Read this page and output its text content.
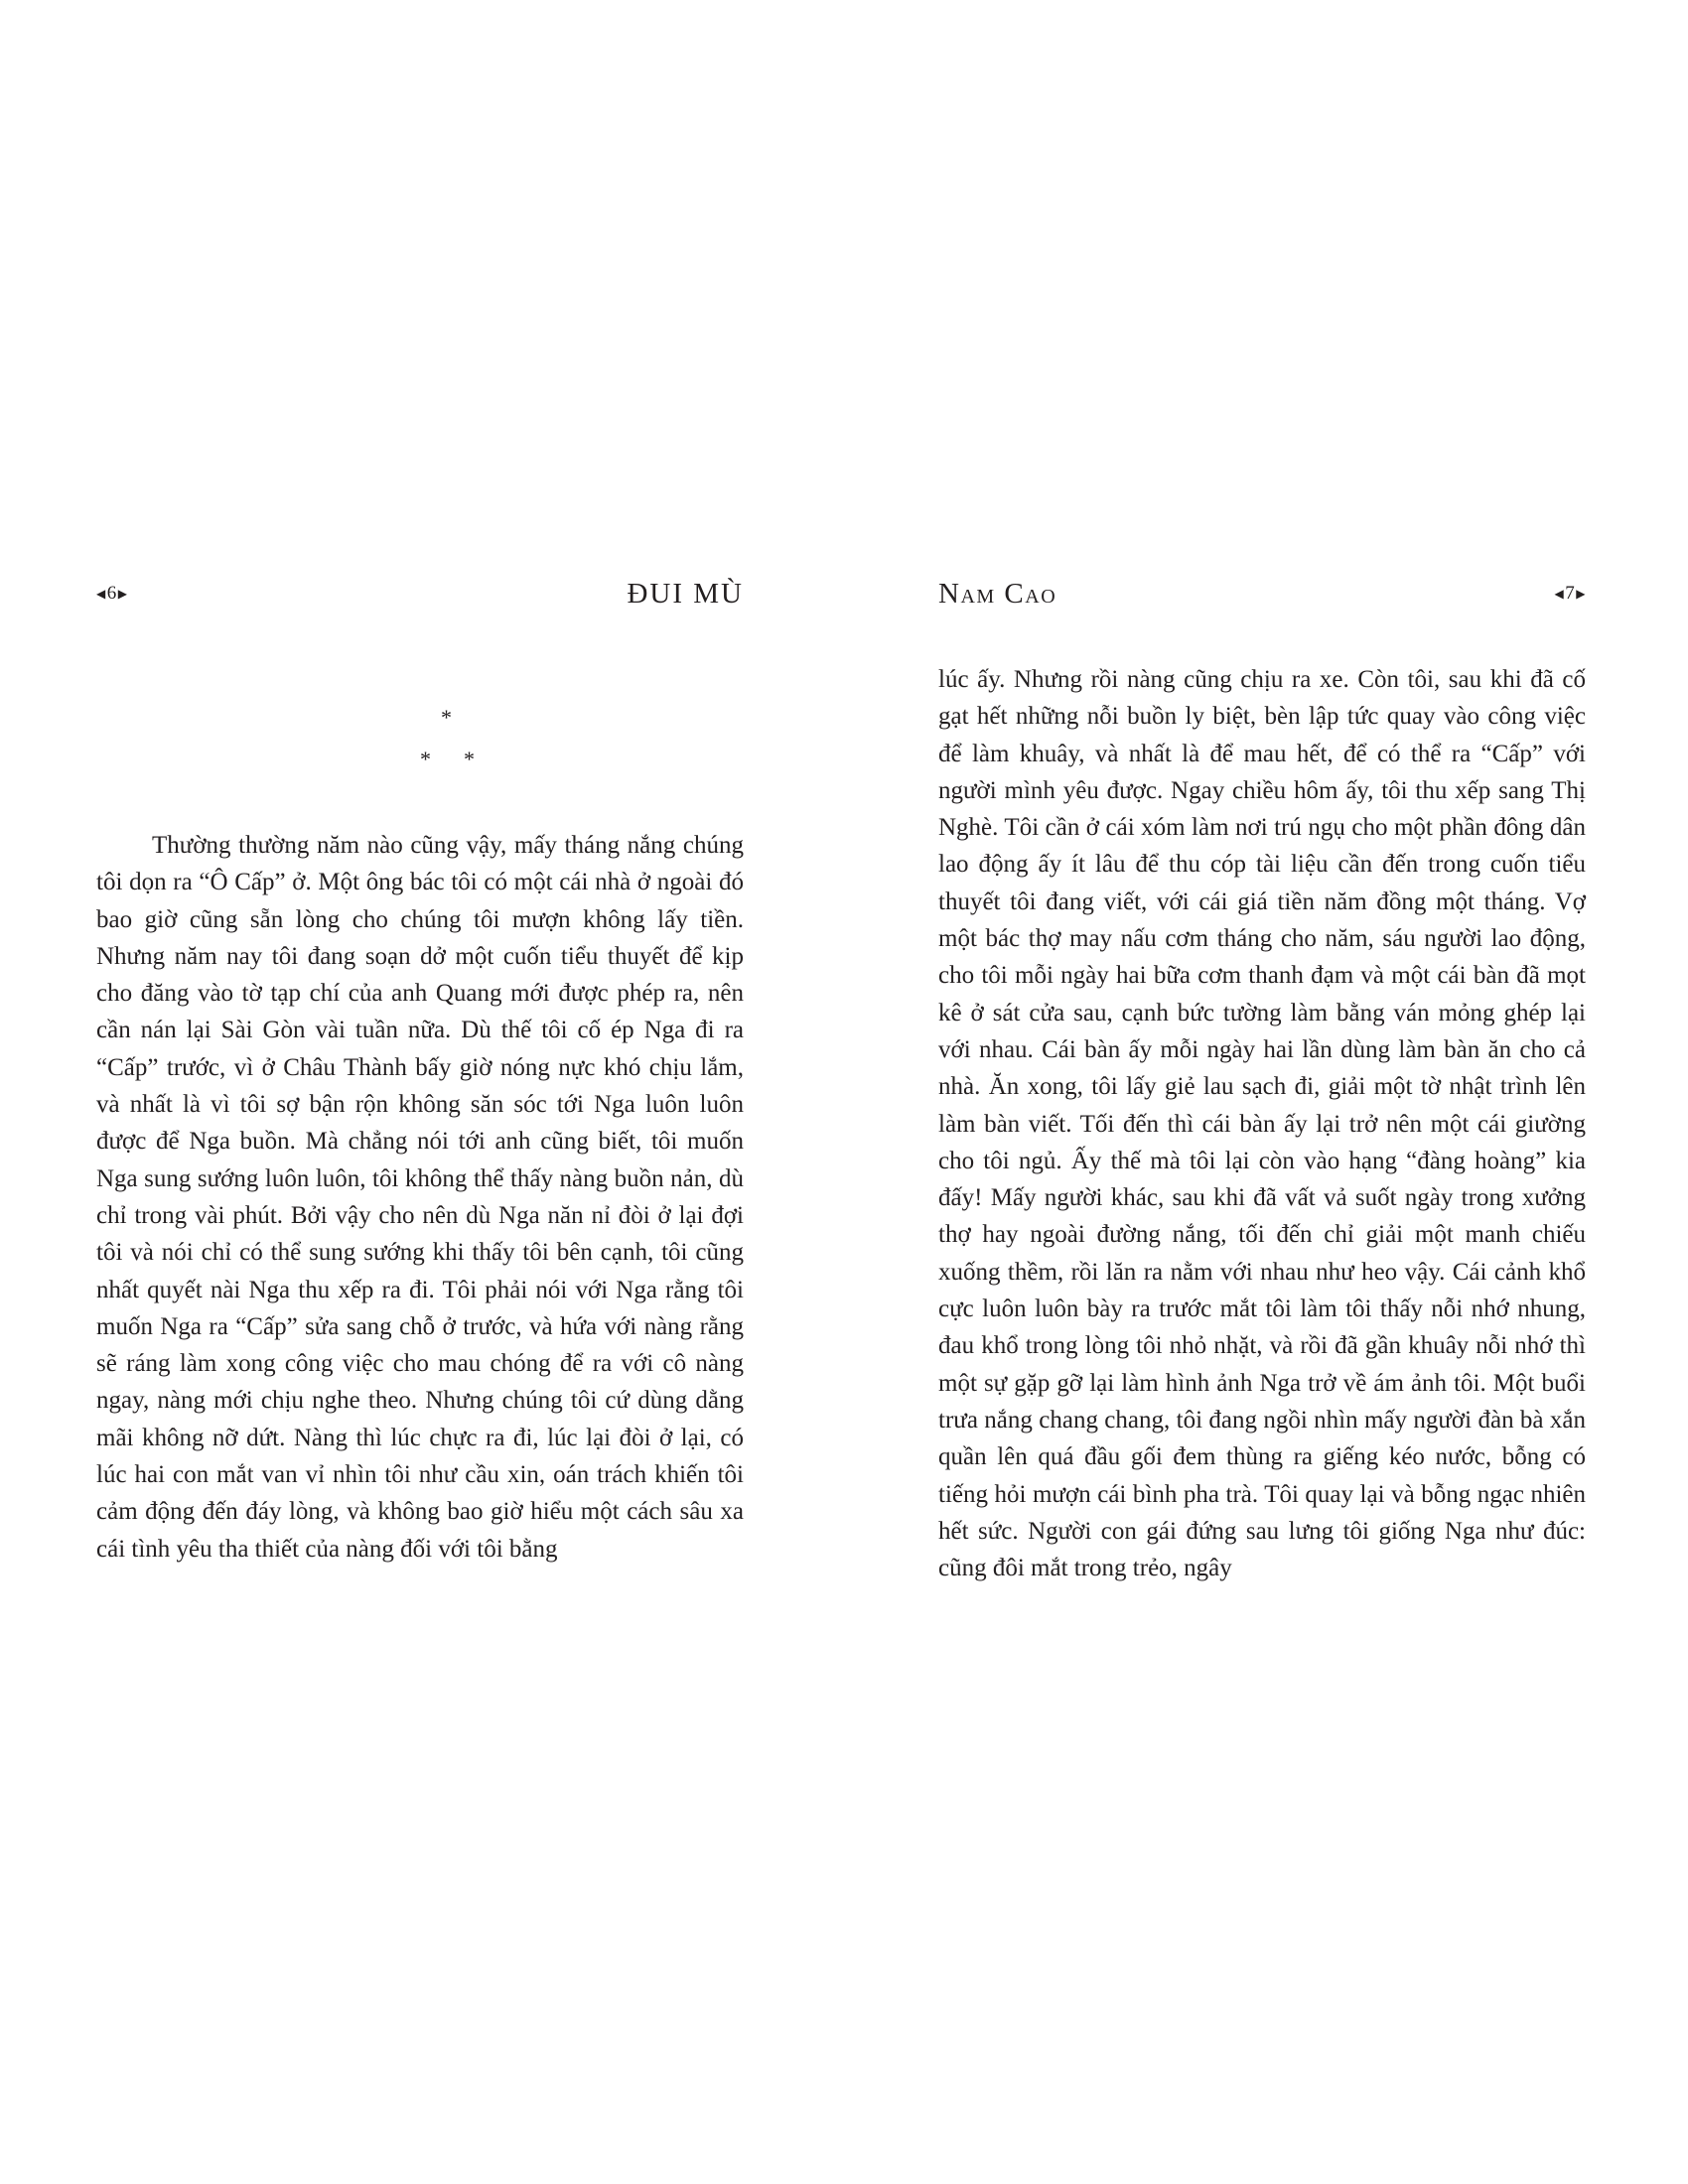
◀ 6 ▶	ĐUI MÙ
*
* *

Thường thường năm nào cũng vậy, mấy tháng nắng chúng tôi dọn ra “Ô Cấp” ở. Một ông bác tôi có một cái nhà ở ngoài đó bao giờ cũng sẵn lòng cho chúng tôi mượn không lấy tiền. Nhưng năm nay tôi đang soạn dở một cuốn tiểu thuyết để kịp cho đăng vào tờ tạp chí của anh Quang mới được phép ra, nên cần nán lại Sài Gòn vài tuần nữa. Dù thế tôi cố ép Nga đi ra “Cấp” trước, vì ở Châu Thành bấy giờ nóng nực khó chịu lắm, và nhất là vì tôi sợ bận rộn không săn sóc tới Nga luôn luôn được để Nga buồn. Mà chẳng nói tới anh cũng biết, tôi muốn Nga sung sướng luôn luôn, tôi không thể thấy nàng buồn nản, dù chỉ trong vài phút. Bởi vậy cho nên dù Nga năn nỉ đòi ở lại đợi tôi và nói chỉ có thể sung sướng khi thấy tôi bên cạnh, tôi cũng nhất quyết nài Nga thu xếp ra đi. Tôi phải nói với Nga rằng tôi muốn Nga ra “Cấp” sửa sang chỗ ở trước, và hứa với nàng rằng sẽ ráng làm xong công việc cho mau chóng để ra với cô nàng ngay, nàng mới chịu nghe theo. Nhưng chúng tôi cứ dùng dằng mãi không nỡ dứt. Nàng thì lúc chực ra đi, lúc lại đòi ở lại, có lúc hai con mắt van vỉ nhìn tôi như cầu xin, oán trách khiến tôi cảm động đến đáy lòng, và không bao giờ hiểu một cách sâu xa cái tình yêu tha thiết của nàng đối với tôi bằng

Nam Cao	◀ 7 ▶

lúc ấy. Nhưng rồi nàng cũng chịu ra xe. Còn tôi, sau khi đã cố gạt hết những nỗi buồn ly biệt, bèn lập tức quay vào công việc để làm khuây, và nhất là để mau hết, để có thể ra “Cấp” với người mình yêu được. Ngay chiều hôm ấy, tôi thu xếp sang Thị Nghè. Tôi cần ở cái xóm làm nơi trú ngụ cho một phần đông dân lao động ấy ít lâu để thu cóp tài liệu cần đến trong cuốn tiểu thuyết tôi đang viết, với cái giá tiền năm đồng một tháng. Vợ một bác thợ may nấu cơm tháng cho năm, sáu người lao động, cho tôi mỗi ngày hai bữa cơm thanh đạm và một cái bàn đã mọt kê ở sát cửa sau, cạnh bức tường làm bằng ván mỏng ghép lại với nhau. Cái bàn ấy mỗi ngày hai lần dùng làm bàn ăn cho cả nhà. Ăn xong, tôi lấy giẻ lau sạch đi, giải một tờ nhật trình lên làm bàn viết. Tối đến thì cái bàn ấy lại trở nên một cái giường cho tôi ngủ. Ấy thế mà tôi lại còn vào hạng “đàng hoàng” kia đấy! Mấy người khác, sau khi đã vất vả suốt ngày trong xưởng thợ hay ngoài đường nắng, tối đến chỉ giải một manh chiếu xuống thềm, rồi lăn ra nằm với nhau như heo vậy. Cái cảnh khổ cực luôn luôn bày ra trước mắt tôi làm tôi thấy nỗi nhớ nhung, đau khổ trong lòng tôi nhỏ nhặt, và rồi đã gần khuây nỗi nhớ thì một sự gặp gỡ lại làm hình ảnh Nga trở về ám ảnh tôi. Một buổi trưa nắng chang chang, tôi đang ngồi nhìn mấy người đàn bà xắn quần lên quá đầu gối đem thùng ra giếng kéo nước, bỗng có tiếng hỏi mượn cái bình pha trà. Tôi quay lại và bỗng ngạc nhiên hết sức. Người con gái đứng sau lưng tôi giống Nga như đúc: cũng đôi mắt trong trẻo, ngây
